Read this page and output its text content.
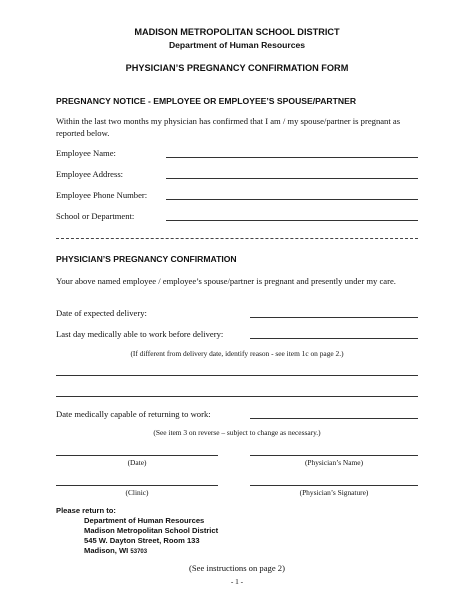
MADISON METROPOLITAN SCHOOL DISTRICT
Department of Human Resources
PHYSICIAN’S PREGNANCY CONFIRMATION FORM
PREGNANCY NOTICE - EMPLOYEE OR EMPLOYEE’S SPOUSE/PARTNER
Within the last two months my physician has confirmed that I am / my spouse/partner is pregnant as reported below.
Employee Name:
Employee Address:
Employee Phone Number:
School or Department:
PHYSICIAN’S PREGNANCY CONFIRMATION
Your above named employee / employee’s spouse/partner is pregnant and presently under my care.
Date of expected delivery:
Last day medically able to work before delivery:
(If different from delivery date, identify reason - see item 1c on page 2.)
Date medically capable of returning to work:
(See item 3 on reverse – subject to change as necessary.)
(Date)	(Physician’s Name)
(Clinic)	(Physician’s Signature)
Please return to:
Department of Human Resources
Madison Metropolitan School District
545 W. Dayton Street, Room 133
Madison, WI 53703
(See instructions on page 2)
- 1 -
